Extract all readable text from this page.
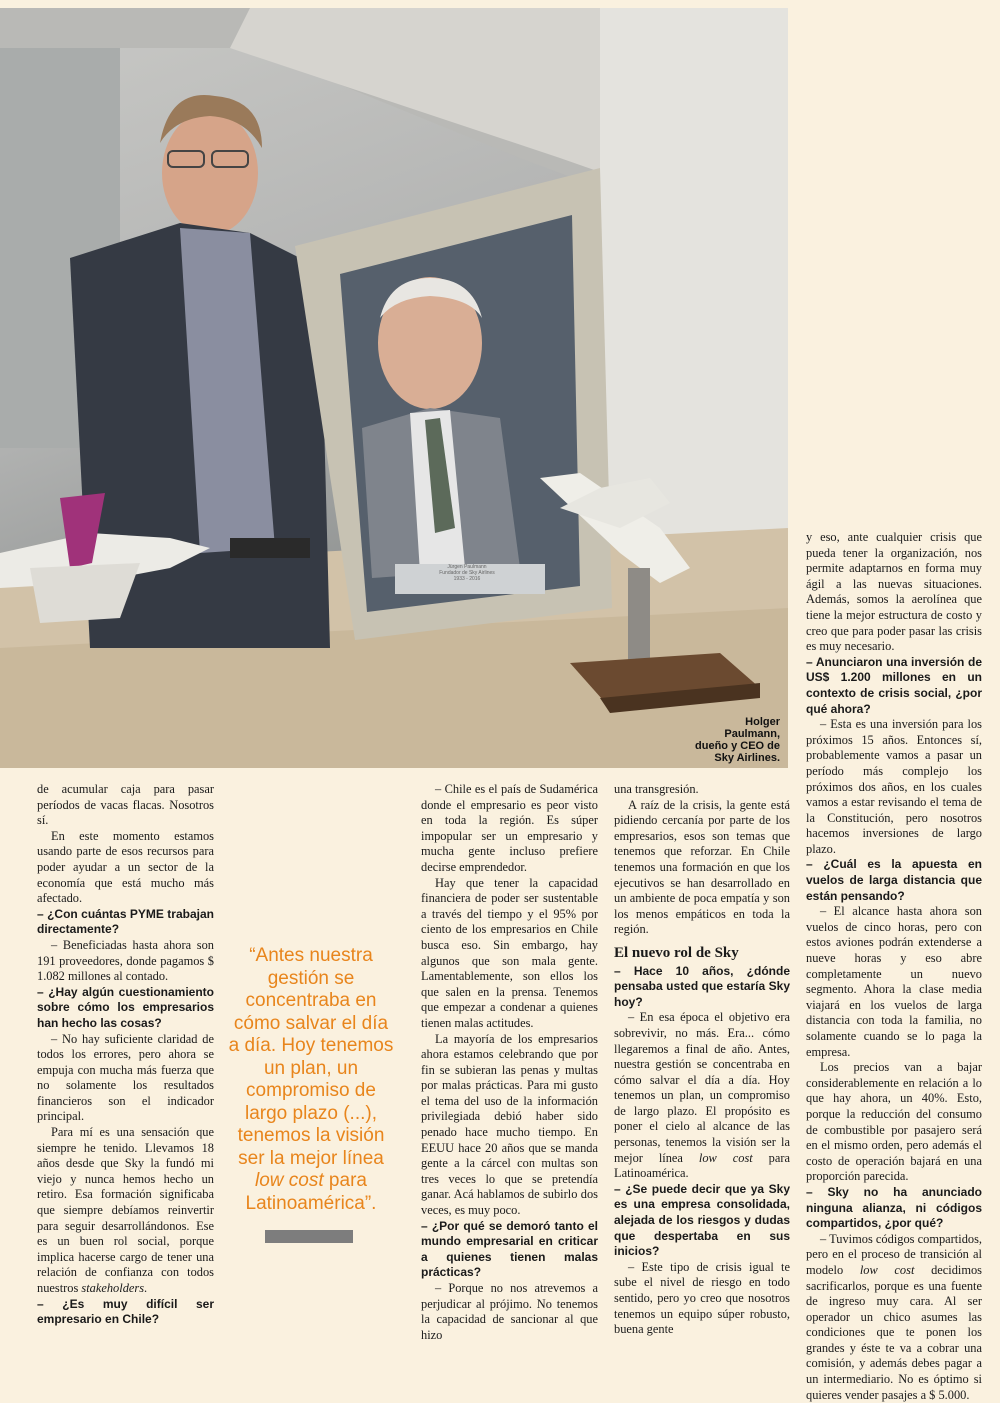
Holger Paulmann,
dueño y CEO de
Sky Airlines.
Jürgen Paulmann
Fundador de Sky Airlines
1933 - 2016

y eso, ante cualquier crisis que pueda tener la organización, nos permite adaptarnos en forma muy ágil a las nuevas situaciones. Además, somos la aerolínea que tiene la mejor estructura de costo y creo que para poder pasar las crisis es muy necesario.

– Anunciaron una inversión de US$ 1.200 millones en un contexto de crisis social, ¿por qué ahora?

– Esta es una inversión para los próximos 15 años. Entonces sí, probablemente vamos a pasar un período más complejo los próximos dos años, en los cuales vamos a estar revisando el tema de la Constitución, pero nosotros hacemos inversiones de largo plazo.

– ¿Cuál es la apuesta en vuelos de larga distancia que están pensando?

– El alcance hasta ahora son vuelos de cinco horas, pero con estos aviones podrán extenderse a nueve horas y eso abre completamente un nuevo segmento. Ahora la clase media viajará en los vuelos de larga distancia con toda la familia, no solamente cuando se lo paga la empresa.

Los precios van a bajar considerablemente en relación a lo que hay ahora, un 40%. Esto, porque la reducción del consumo de combustible por pasajero será en el mismo orden, pero además el costo de operación bajará en una proporción parecida.

– Sky no ha anunciado ninguna alianza, ni códigos compartidos, ¿por qué?

– Tuvimos códigos compartidos, pero en el proceso de transición al modelo low cost decidimos sacrificarlos, porque es una fuente de ingreso muy cara. Al ser operador un chico asumes las condiciones que te ponen los grandes y éste te va a cobrar una comisión, y además debes pagar a un intermediario. No es óptimo si quieres vender pasajes a $ 5.000.

de acumular caja para pasar períodos de vacas flacas. Nosotros sí.

En este momento estamos usando parte de esos recursos para poder ayudar a un sector de la economía que está mucho más afectado.

– ¿Con cuántas PYME trabajan directamente?

– Beneficiadas hasta ahora son 191 proveedores, donde pagamos $ 1.082 millones al contado.

– ¿Hay algún cuestionamiento sobre cómo los empresarios han hecho las cosas?

– No hay suficiente claridad de todos los errores, pero ahora se empuja con mucha más fuerza que no solamente los resultados financieros son el indicador principal.

Para mí es una sensación que siempre he tenido. Llevamos 18 años desde que Sky la fundó mi viejo y nunca hemos hecho un retiro. Esa formación significaba que siempre debíamos reinvertir para seguir desarrollándonos. Ese es un buen rol social, porque implica hacerse cargo de tener una relación de confianza con todos nuestros stakeholders.

– ¿Es muy difícil ser empresario en Chile?

“Antes nuestra gestión se concentraba en cómo salvar el día a día. Hoy tenemos un plan, un compromiso de largo plazo (...), tenemos la visión ser la mejor línea low cost para Latinoamérica”.

– Chile es el país de Sudamérica donde el empresario es peor visto en toda la región. Es súper impopular ser un empresario y mucha gente incluso prefiere decirse emprendedor.

Hay que tener la capacidad financiera de poder ser sustentable a través del tiempo y el 95% por ciento de los empresarios en Chile busca eso. Sin embargo, hay algunos que son mala gente. Lamentablemente, son ellos los que salen en la prensa. Tenemos que empezar a condenar a quienes tienen malas actitudes.

La mayoría de los empresarios ahora estamos celebrando que por fin se subieran las penas y multas por malas prácticas. Para mi gusto el tema del uso de la información privilegiada debió haber sido penado hace mucho tiempo. En EEUU hace 20 años que se manda gente a la cárcel con multas son tres veces lo que se pretendía ganar. Acá hablamos de subirlo dos veces, es muy poco.

– ¿Por qué se demoró tanto el mundo empresarial en criticar a quienes tienen malas prácticas?

– Porque no nos atrevemos a perjudicar al prójimo. No tenemos la capacidad de sancionar al que hizo

una transgresión.

A raíz de la crisis, la gente está pidiendo cercanía por parte de los empresarios, esos son temas que tenemos que reforzar. En Chile tenemos una formación en que los ejecutivos se han desarrollado en un ambiente de poca empatía y son los menos empáticos en toda la región.

El nuevo rol de Sky

– Hace 10 años, ¿dónde pensaba usted que estaría Sky hoy?

– En esa época el objetivo era sobrevivir, no más. Era... cómo llegaremos a final de año. Antes, nuestra gestión se concentraba en cómo salvar el día a día. Hoy tenemos un plan, un compromiso de largo plazo. El propósito es poner el cielo al alcance de las personas, tenemos la visión ser la mejor línea low cost para Latinoamérica.

– ¿Se puede decir que ya Sky es una empresa consolidada, alejada de los riesgos y dudas que despertaba en sus inicios?

– Este tipo de crisis igual te sube el nivel de riesgo en todo sentido, pero yo creo que nosotros tenemos un equipo súper robusto, buena gente
